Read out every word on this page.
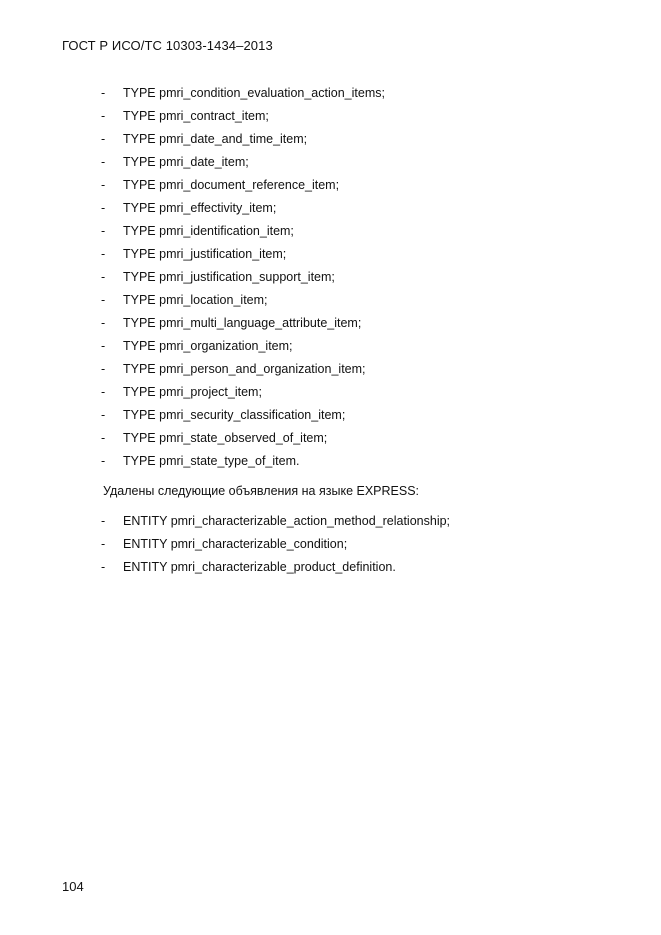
ГОСТ Р ИСО/ТС 10303-1434–2013
- TYPE pmri_condition_evaluation_action_items;
- TYPE pmri_contract_item;
- TYPE pmri_date_and_time_item;
- TYPE pmri_date_item;
- TYPE pmri_document_reference_item;
- TYPE pmri_effectivity_item;
- TYPE pmri_identification_item;
- TYPE pmri_justification_item;
- TYPE pmri_justification_support_item;
- TYPE pmri_location_item;
- TYPE pmri_multi_language_attribute_item;
- TYPE pmri_organization_item;
- TYPE pmri_person_and_organization_item;
- TYPE pmri_project_item;
- TYPE pmri_security_classification_item;
- TYPE pmri_state_observed_of_item;
- TYPE pmri_state_type_of_item.
Удалены следующие объявления на языке EXPRESS:
- ENTITY pmri_characterizable_action_method_relationship;
- ENTITY pmri_characterizable_condition;
- ENTITY pmri_characterizable_product_definition.
104
